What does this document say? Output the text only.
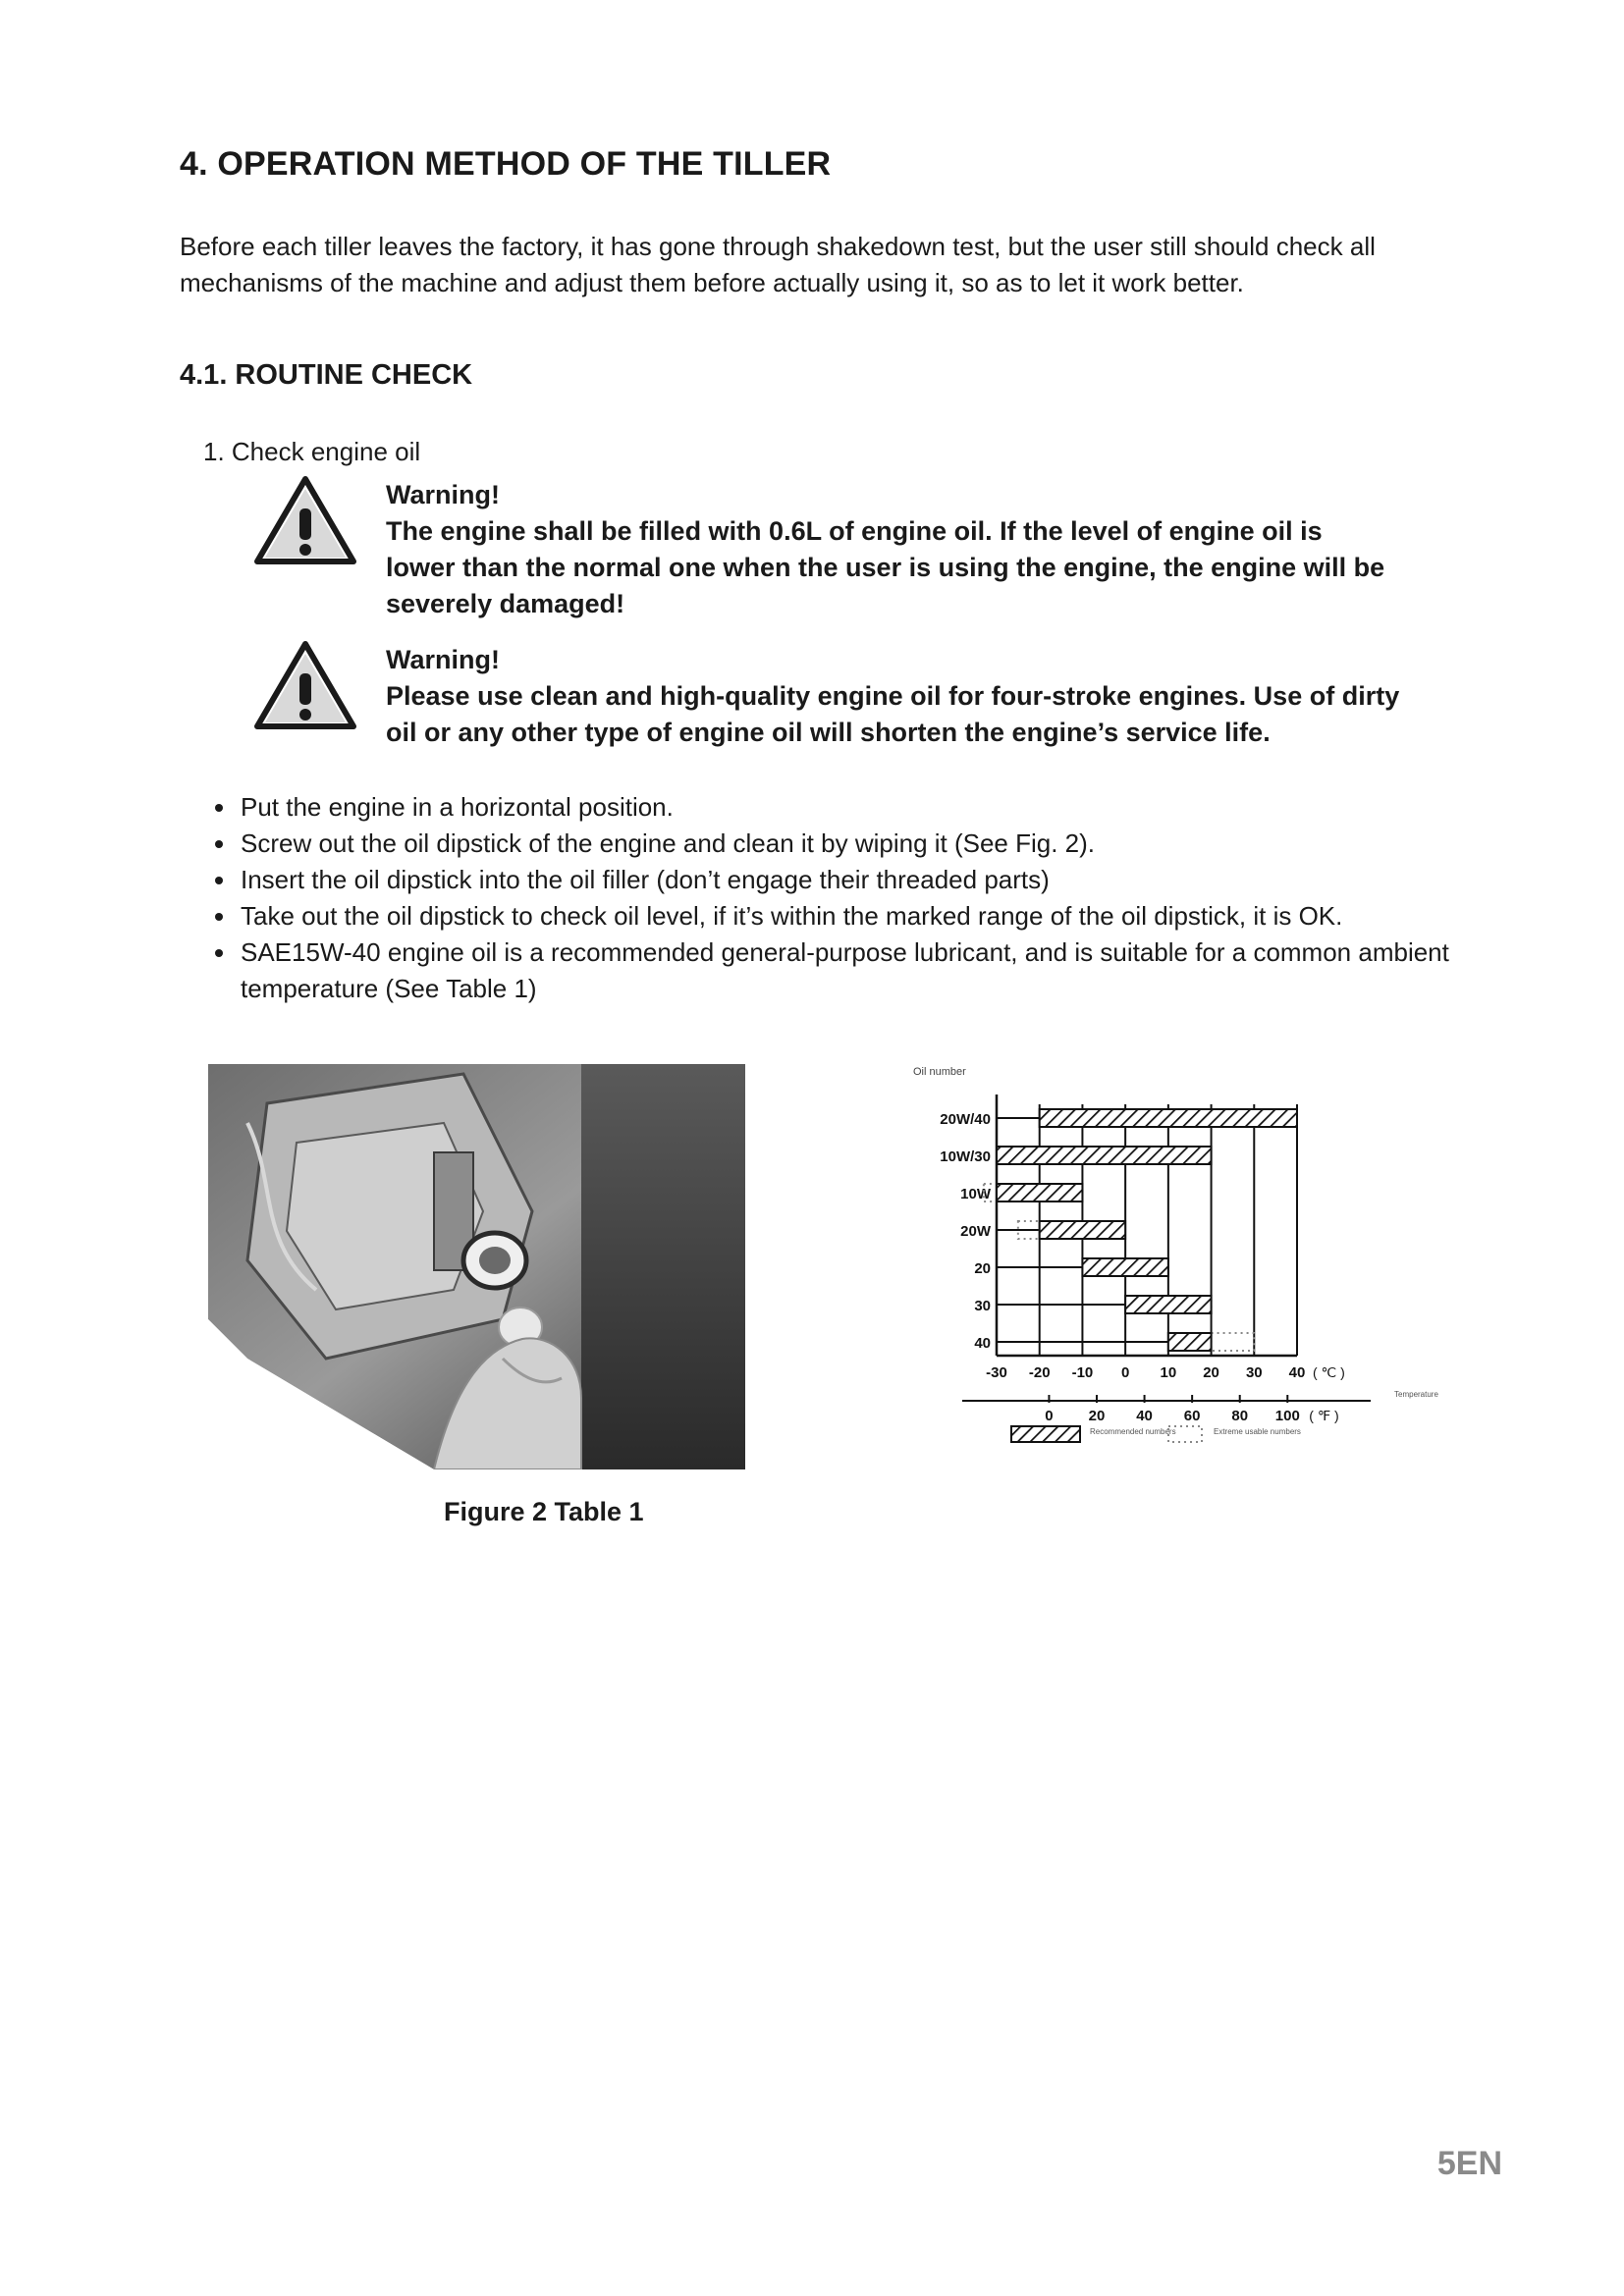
4. OPERATION METHOD OF THE TILLER

Before each tiller leaves the factory, it has gone through shakedown test, but the user still should check all mechanisms of the machine and adjust them before actually using it, so as to let it work better.

4.1. ROUTINE CHECK

1. Check engine oil

Warning!
The engine shall be filled with 0.6L of engine oil. If the level of engine oil is
lower than the normal one when the user is using the engine, the engine will be
severely damaged!
Warning!
Please use clean and high-quality engine oil for four-stroke engines. Use of dirty
oil or any other type of engine oil will shorten the engine’s service life.
Put the engine in a horizontal position.
Screw out the oil dipstick of the engine and clean it by wiping it (See Fig. 2).
Insert the oil dipstick into the oil filler (don’t engage their threaded parts)
Take out the oil dipstick to check oil level, if it’s within the marked range of the oil dipstick, it is OK.
SAE15W-40 engine oil is a recommended general-purpose lubricant, and is suitable for a common ambient temperature (See Table 1)
Oil number
20W/40
10W/30
10W
20W
20
30
40
-30 -20 -10 0 10 20 30 40 ( ℃ )
0 20 40 60 80 100 ( ℉ )
Temperature
Recommended numbers	Extreme usable numbers
Figure 2 Table 1
5EN
